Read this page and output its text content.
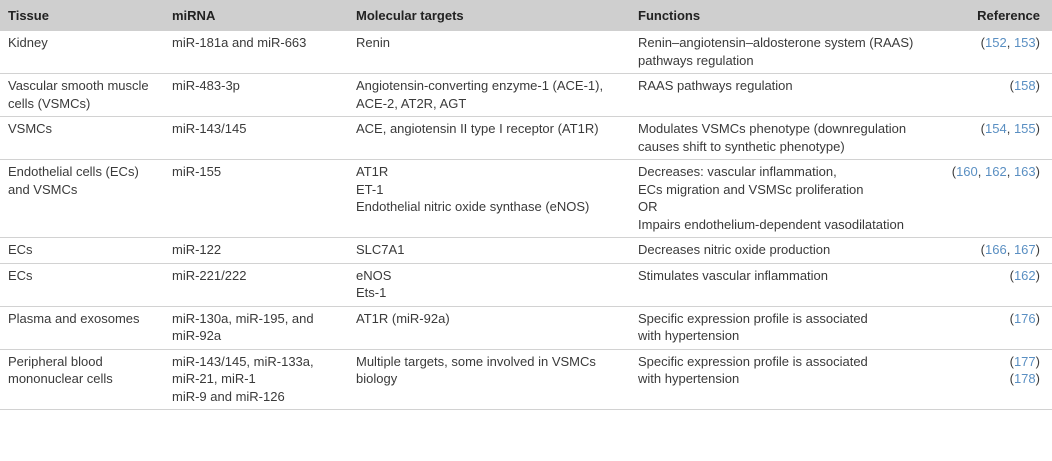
Tissue	miRNA	Molecular targets	Functions	Reference

Kidney	miR-181a and miR-663	Renin	Renin–angiotensin–aldosterone system (RAAS)
pathways regulation	(152, 153)

Vascular smooth muscle
cells (VSMCs)	miR-483-3p	Angiotensin-converting enzyme-1 (ACE-1),
ACE-2, AT2R, AGT	RAAS pathways regulation	(158)

VSMCs	miR-143/145	ACE, angiotensin II type I receptor (AT1R)	Modulates VSMCs phenotype (downregulation
causes shift to synthetic phenotype)	(154, 155)

Endothelial cells (ECs)
and VSMCs	miR-155	AT1R
ET-1
Endothelial nitric oxide synthase (eNOS)	Decreases: vascular inflammation,
ECs migration and VSMSc proliferation
OR
Impairs endothelium-dependent vasodilatation	(160, 162, 163)

ECs	miR-122	SLC7A1	Decreases nitric oxide production	(166, 167)

ECs	miR-221/222	eNOS
Ets-1	Stimulates vascular inflammation	(162)

Plasma and exosomes	miR-130a, miR-195, and
miR-92a	AT1R (miR-92a)	Specific expression profile is associated
with hypertension	(176)

Peripheral blood
mononuclear cells	miR-143/145, miR-133a,
miR-21, miR-1
miR-9 and miR-126	Multiple targets, some involved in VSMCs
biology	Specific expression profile is associated
with hypertension	(177)
(178)
